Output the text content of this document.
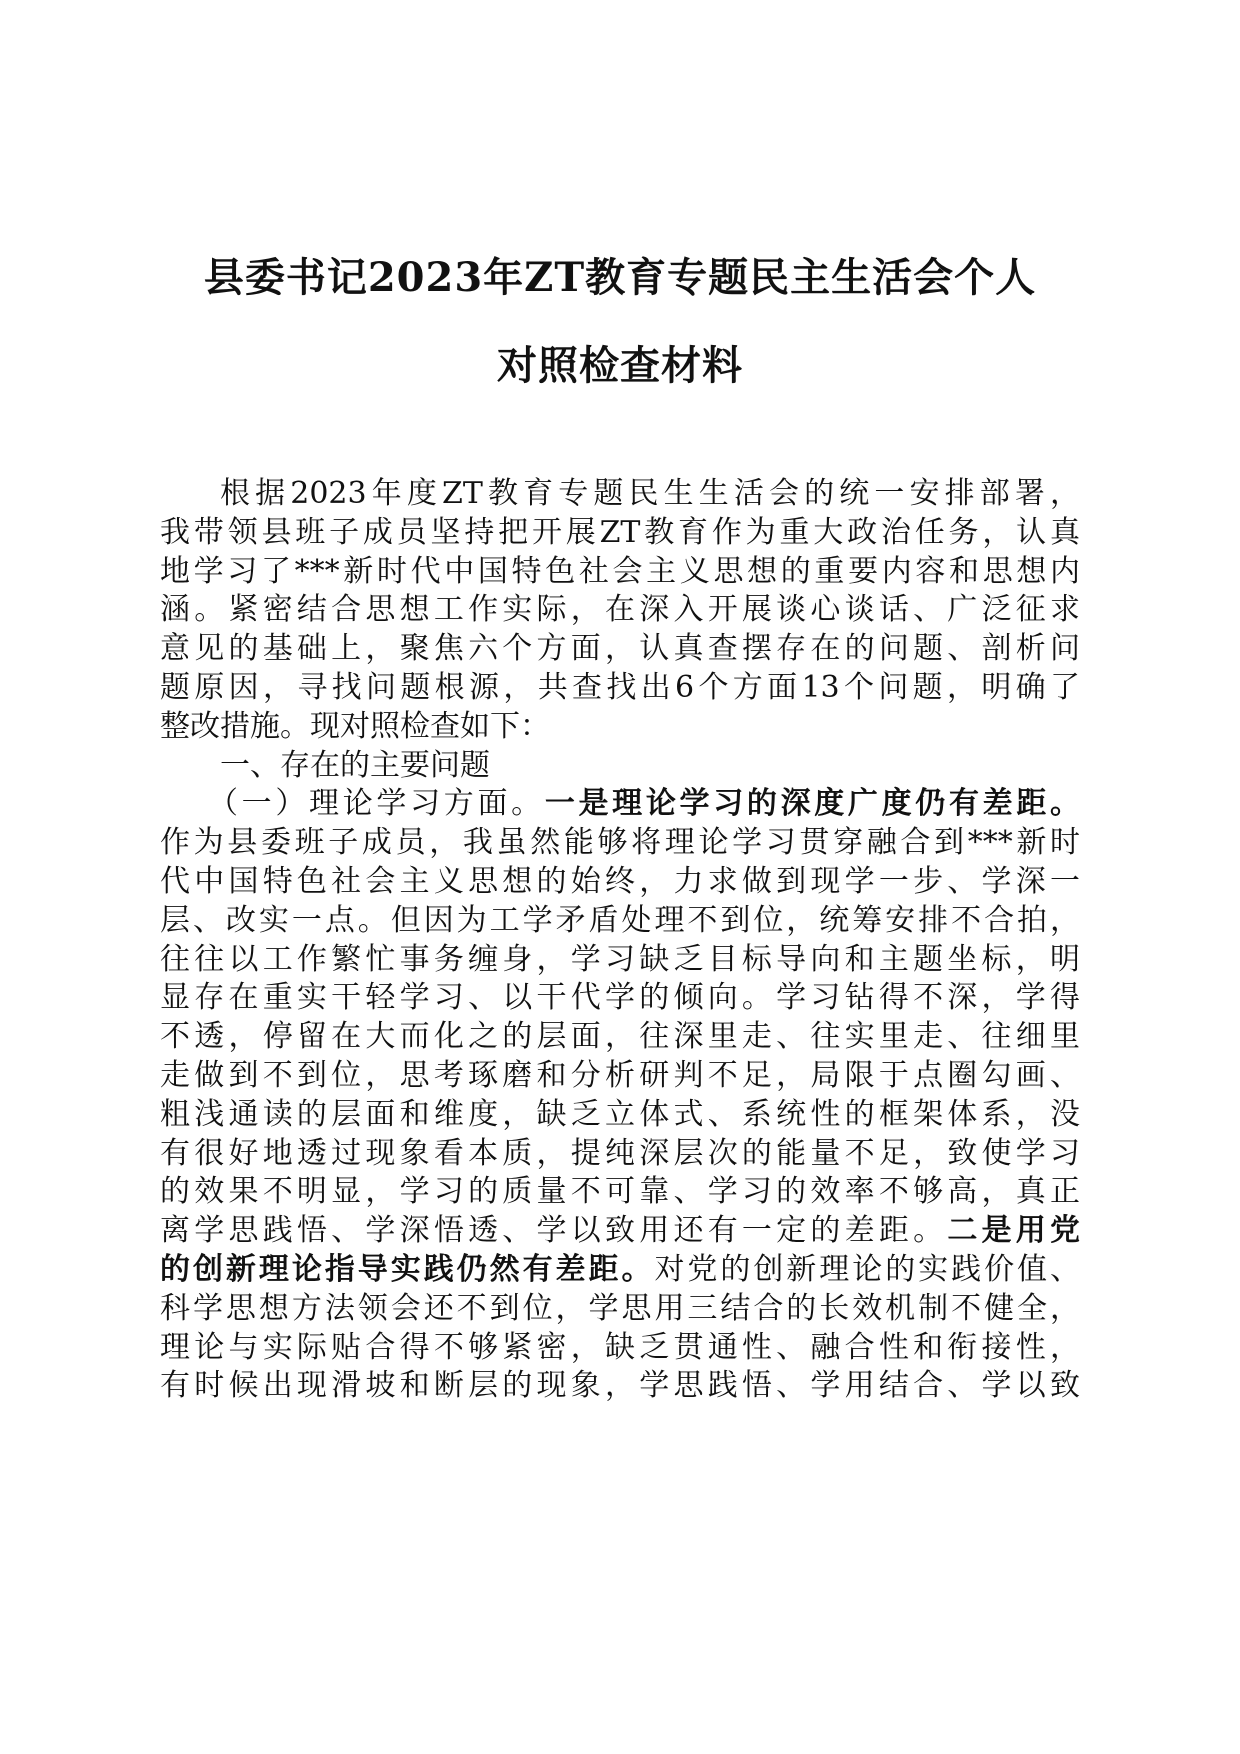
县委书记2023年ZT教育专题民主生活会个人
对照检查材料
根据2023年度ZT教育专题民生生活会的统一安排部署，
我带领县班子成员坚持把开展ZT教育作为重大政治任务，认真
地学习了***新时代中国特色社会主义思想的重要内容和思想内
涵。紧密结合思想工作实际，在深入开展谈心谈话、广泛征求
意见的基础上，聚焦六个方面，认真查摆存在的问题、剖析问
题原因，寻找问题根源，共查找出6个方面13个问题，明确了
整改措施。现对照检查如下：
一、存在的主要问题
（一）理论学习方面。一是理论学习的深度广度仍有差距。
作为县委班子成员，我虽然能够将理论学习贯穿融合到***新时
代中国特色社会主义思想的始终，力求做到现学一步、学深一
层、改实一点。但因为工学矛盾处理不到位，统筹安排不合拍，
往往以工作繁忙事务缠身，学习缺乏目标导向和主题坐标，明
显存在重实干轻学习、以干代学的倾向。学习钻得不深，学得
不透，停留在大而化之的层面，往深里走、往实里走、往细里
走做到不到位，思考琢磨和分析研判不足，局限于点圈勾画、
粗浅通读的层面和维度，缺乏立体式、系统性的框架体系，没
有很好地透过现象看本质，提纯深层次的能量不足，致使学习
的效果不明显，学习的质量不可靠、学习的效率不够高，真正
离学思践悟、学深悟透、学以致用还有一定的差距。二是用党
的创新理论指导实践仍然有差距。对党的创新理论的实践价值、
科学思想方法领会还不到位，学思用三结合的长效机制不健全，
理论与实际贴合得不够紧密，缺乏贯通性、融合性和衔接性，
有时候出现滑坡和断层的现象，学思践悟、学用结合、学以致
